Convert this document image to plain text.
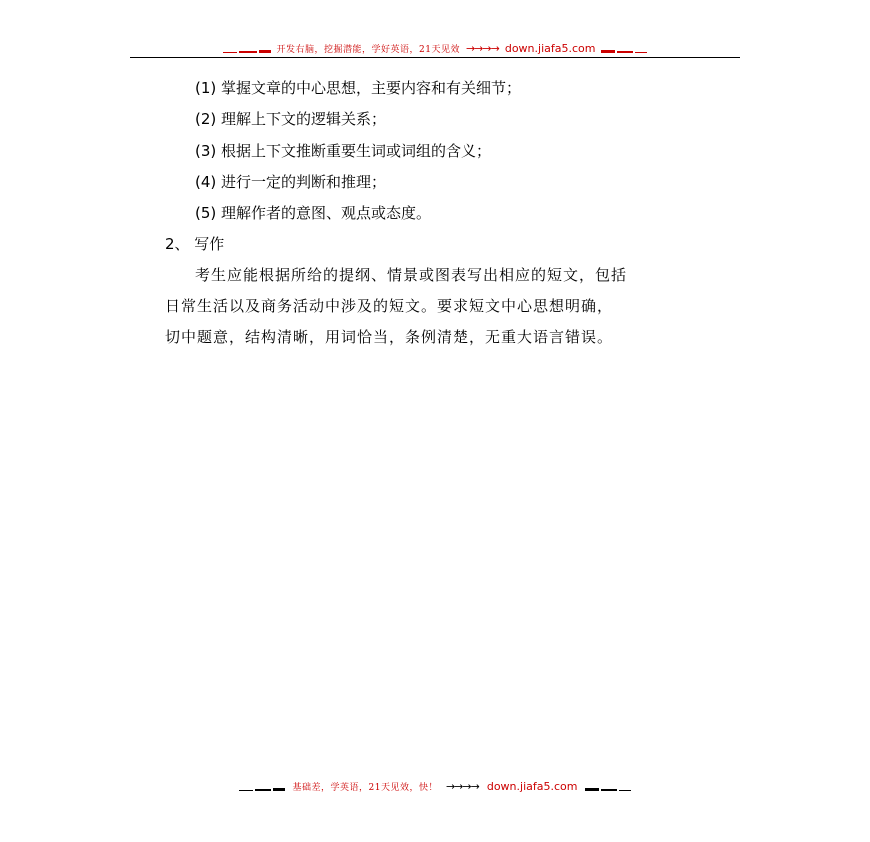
开发右脑，挖掘潜能，学好英语，21天见效 →→→→ down.jiafa5.com
(1) 掌握文章的中心思想，主要内容和有关细节；
(2) 理解上下文的逻辑关系；
(3) 根据上下文推断重要生词或词组的含义；
(4) 进行一定的判断和推理；
(5) 理解作者的意图、观点或态度。
2、 写作
考生应能根据所给的提纲、情景或图表写出相应的短文，包括
日常生活以及商务活动中涉及的短文。要求短文中心思想明确，
切中题意，结构清晰，用词恰当，条例清楚，无重大语言错误。
基础差，学英语，21天见效，快！ →→→→ down.jiafa5.com
